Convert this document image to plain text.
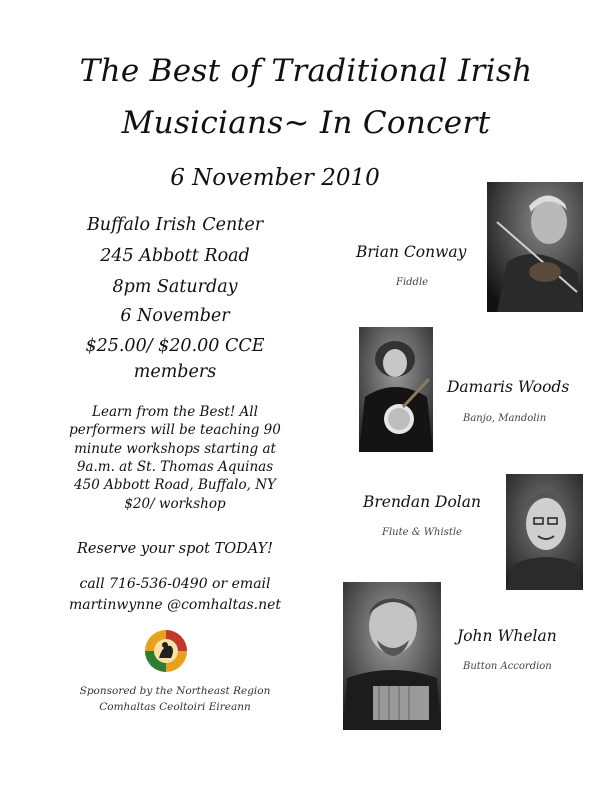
The Best of Traditional Irish
Musicians~ In Concert
6 November 2010
Buffalo Irish Center
245 Abbott Road
8pm Saturday
6 November
$25.00/ $20.00 CCE
members
Learn from the Best! All
performers will be teaching 90
minute workshops starting at
9a.m. at St. Thomas Aquinas
450 Abbott Road, Buffalo, NY
$20/ workshop
Reserve your spot TODAY!
call 716-536-0490 or email
martinwynne @comhaltas.net
Sponsored by the Northeast Region
Comhaltas Ceoltoiri Eireann
Brian Conway
Fiddle
Damaris Woods
Banjo, Mandolin
Brendan Dolan
Flute & Whistle
John Whelan
Button Accordion
